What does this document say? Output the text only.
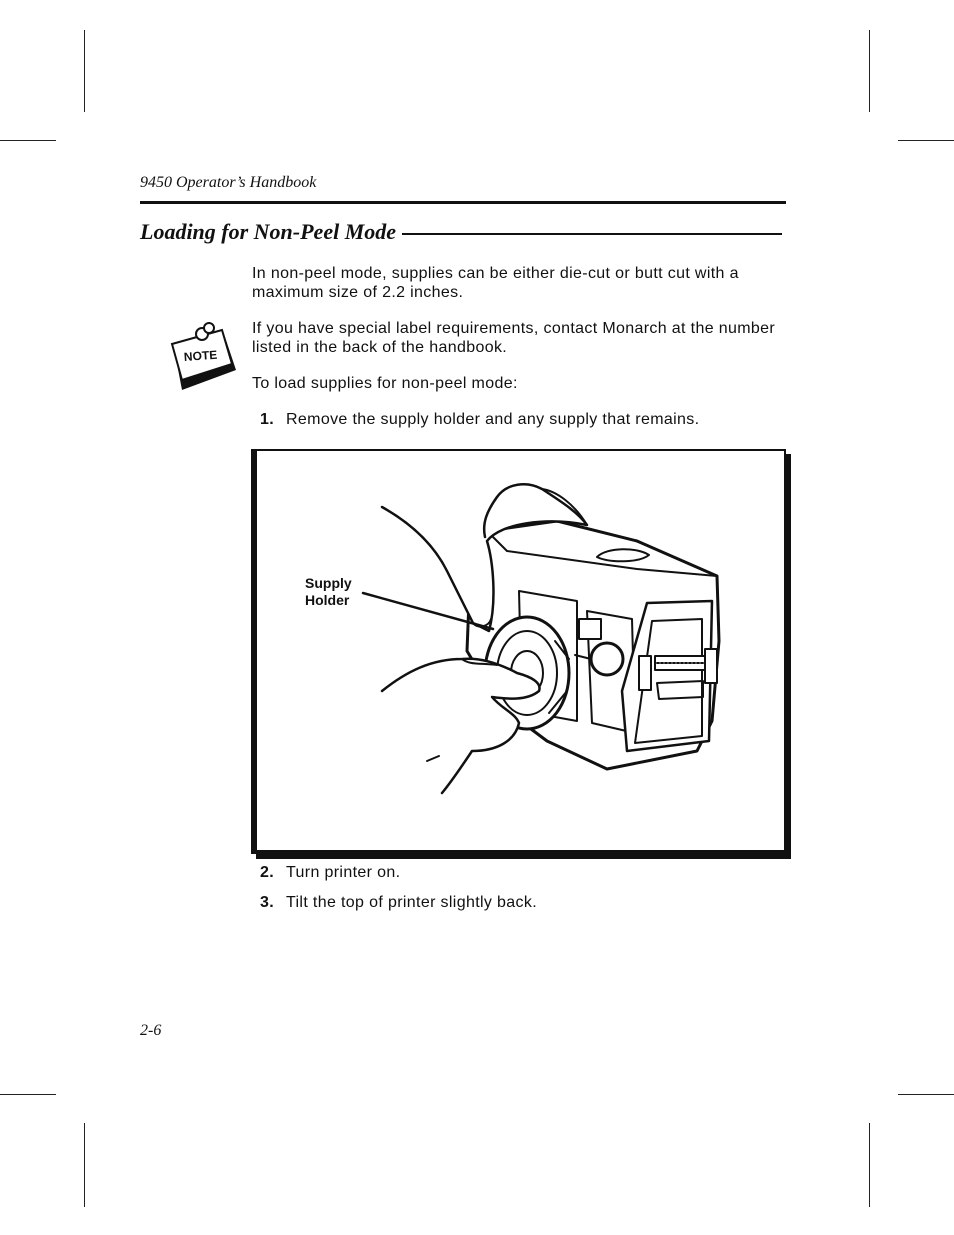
9450 Operator’s Handbook
Loading for Non-Peel Mode
In non-peel mode, supplies can be either die-cut or butt cut with a maximum size of 2.2 inches.
NOTE
If you have special label requirements, contact Monarch at the number listed in the back of the handbook.
To load supplies for non-peel mode:
1. Remove the supply holder and any supply that remains.
Supply
Holder
2. Turn printer on.
3. Tilt the top of printer slightly back.
2-6
